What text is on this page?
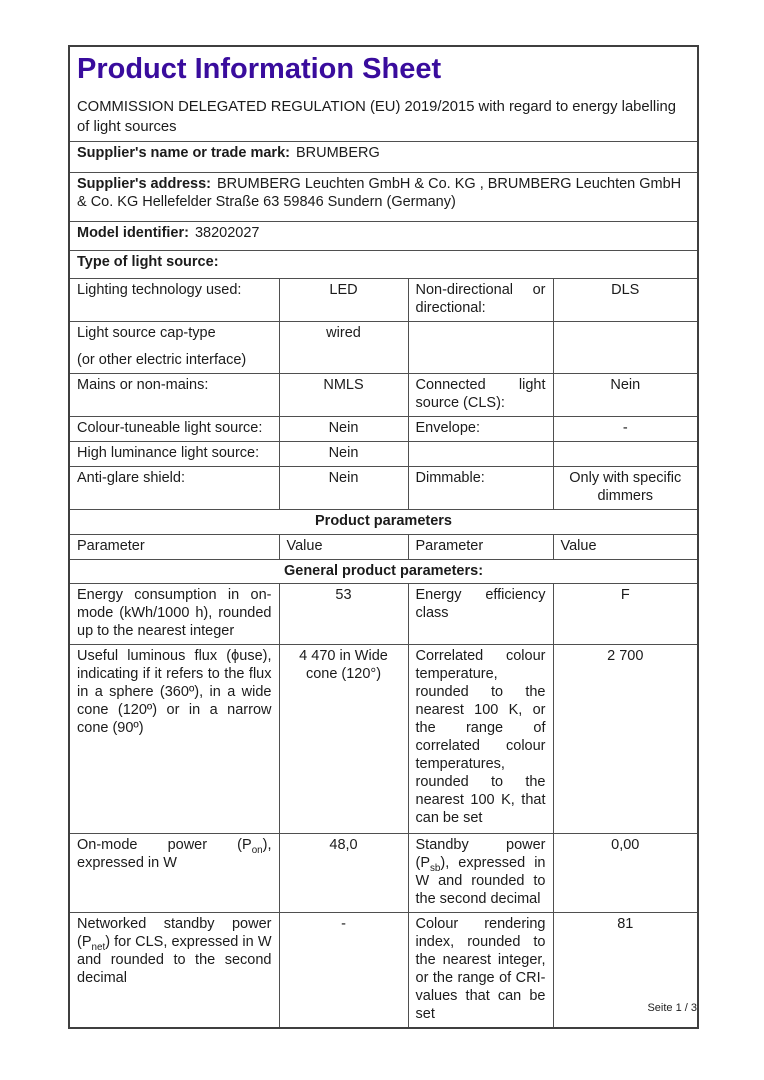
Product Information Sheet
COMMISSION DELEGATED REGULATION (EU) 2019/2015 with regard to energy labelling of light sources			

Supplier's name or trade mark: BRUMBERG			
Supplier's address: BRUMBERG Leuchten GmbH & Co. KG , BRUMBERG Leuchten GmbH & Co. KG Hellefelder Straße 63 59846 Sundern (Germany)			
Model identifier: 38202027			
Type of light source:			
Lighting technology used:	LED	Non-directional or directional:	DLS

Light source cap-type
(or other electric interface)	wired		
Mains or non-mains:	NMLS	Connected light source (CLS):	Nein
Colour-tuneable light source:	Nein	Envelope:	-
High luminance light source:	Nein		
Anti-glare shield:	Nein	Dimmable:	Only with specific dimmers
Product parameters			
Parameter	Value	Parameter	Value
General product parameters:			
Energy consumption in on-mode (kWh/1000 h), rounded up to the nearest integer	53	Energy efficiency class	F
Useful luminous flux (ϕuse), indicating if it refers to the flux in a sphere (360º), in a wide cone (120º) or in a narrow cone (90º)	4 470 in Wide cone (120°)	Correlated colour temperature, rounded to the nearest 100 K, or the range of correlated colour temperatures, rounded to the nearest 100 K, that can be set	2 700
On-mode power $(P_{on})$, expressed in W	48,0	Standby power $(P_{sb})$, expressed in W and rounded to the second decimal	0,00
Networked standby power $(P_{net})$ for CLS, expressed in W and rounded to the second decimal	-	Colour rendering index, rounded to the nearest integer, or the range of CRI-values that can be set	81
Seite 1 / 3
